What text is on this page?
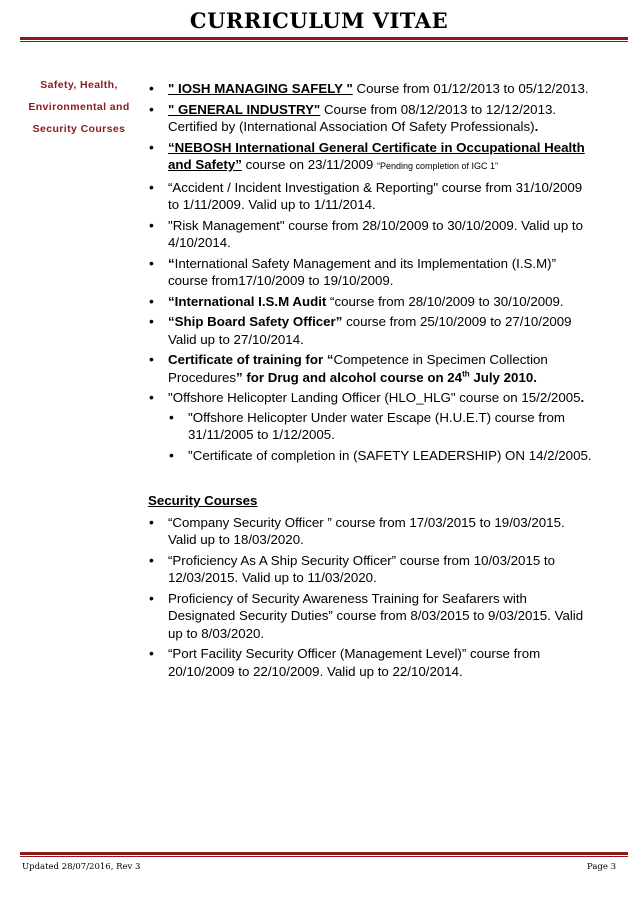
CURRICULUM VITAE
Safety, Health,
Environmental and
Security Courses
• " IOSH MANAGING SAFELY " Course from 01/12/2013 to 05/12/2013.
• " GENERAL INDUSTRY" Course from 08/12/2013 to 12/12/2013. Certified by (International Association Of Safety Professionals).
• “NEBOSH International General Certificate in Occupational Health and Safety” course on 23/11/2009 “Pending completion of IGC 1”
• “Accident / Incident Investigation & Reporting" course from 31/10/2009 to 1/11/2009. Valid up to 1/11/2014.
• "Risk Management" course from 28/10/2009 to 30/10/2009. Valid up to 4/10/2014.
• “International Safety Management and its Implementation (I.S.M)” course from17/10/2009 to 19/10/2009.
• “International I.S.M Audit “course from 28/10/2009 to 30/10/2009.
• “Ship Board Safety Officer” course from 25/10/2009 to 27/10/2009 Valid up to 27/10/2014.
• Certificate of training for “Competence in Specimen Collection Procedures” for Drug and alcohol course on 24th July 2010.
• "Offshore Helicopter Landing Officer (HLO_HLG" course on 15/2/2005.
• "Offshore Helicopter Under water Escape (H.U.E.T) course from 31/11/2005 to 1/12/2005.
• "Certificate of completion in (SAFETY LEADERSHIP) ON 14/2/2005.
Security Courses
• “Company Security Officer ” course from 17/03/2015 to 19/03/2015. Valid up to 18/03/2020.
• “Proficiency As A Ship Security Officer” course from 10/03/2015 to 12/03/2015. Valid up to 11/03/2020.
• Proficiency of Security Awareness Training for Seafarers with Designated Security Duties” course from 8/03/2015 to 9/03/2015. Valid up to 8/03/2020.
• “Port Facility Security Officer (Management Level)” course from 20/10/2009 to 22/10/2009. Valid up to 22/10/2014.
Updated 28/07/2016, Rev 3	Page 3
